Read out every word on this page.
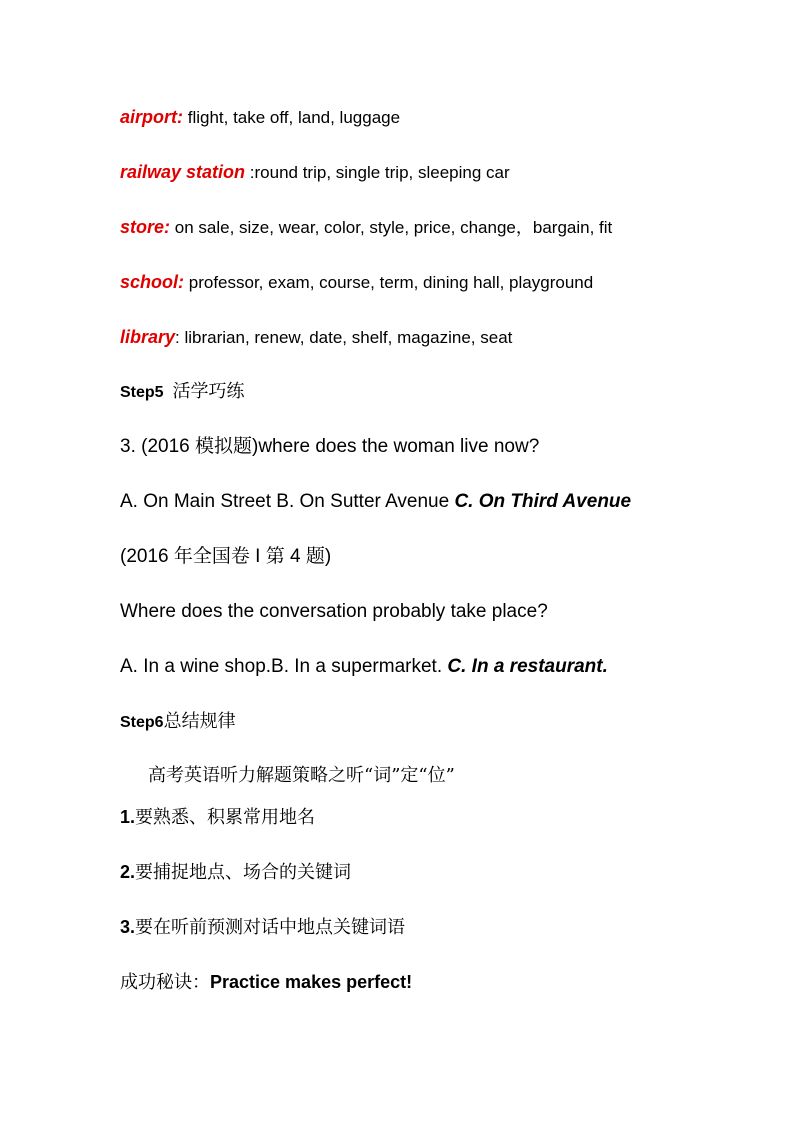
airport: flight, take off, land, luggage
railway station :round trip, single trip, sleeping car
store: on sale, size, wear, color, style, price, change，bargain, fit
school: professor, exam, course, term, dining hall, playground
library: librarian, renew, date, shelf, magazine, seat
Step5 活学巧练
3. (2016 模拟题)where does the woman live now?
A. On Main Street B. On Sutter Avenue C. On Third Avenue
(2016 年全国卷 I 第 4 题)
Where does the conversation probably take place?
A. In a wine shop.B. In a supermarket. C. In a restaurant.
Step6总结规律
高考英语听力解题策略之听“词”定“位”
1.要熟悉、积累常用地名
2.要捕捉地点、场合的关键词
3.要在听前预测对话中地点关键词语
成功秘诀：Practice makes perfect!
